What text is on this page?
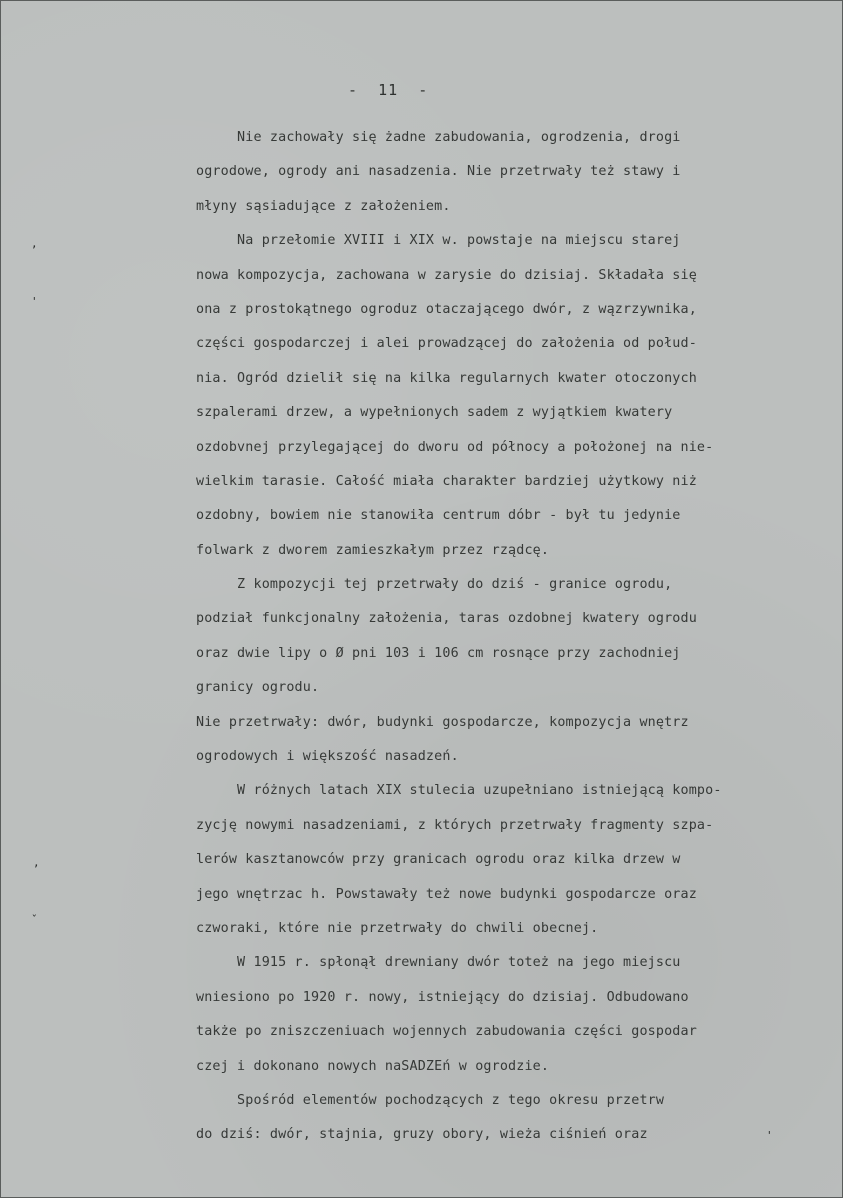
-  11  -
,
'
,
ˇ
'
Nie zachowały się żadne zabudowania, ogrodzenia, drogi
ogrodowe, ogrody ani nasadzenia. Nie przetrwały też stawy i
młyny sąsiadujące z założeniem.
Na przełomie XVIII i XIX w. powstaje na miejscu starej
nowa kompozycja, zachowana w zarysie do dzisiaj. Składała się
ona z prostokątnego ogroduz otaczającego dwór, z wązrzywnika,
części gospodarczej i alei prowadzącej do założenia od połud-
nia. Ogród dzielił się na kilka regularnych kwater otoczonych
szpalerami drzew, a wypełnionych sadem z wyjątkiem kwatery
ozdobvnej przylegającej do dworu od północy a położonej na nie-
wielkim tarasie. Całość miała charakter bardziej użytkowy niż
ozdobny, bowiem nie stanowiła centrum dóbr - był tu jedynie
folwark z dworem zamieszkałym przez rządcę.
Z kompozycji tej przetrwały do dziś - granice ogrodu,
podział funkcjonalny założenia, taras ozdobnej kwatery ogrodu
oraz dwie lipy o Ø pni 103 i 106 cm rosnące przy zachodniej
granicy ogrodu.
Nie przetrwały: dwór, budynki gospodarcze, kompozycja wnętrz
ogrodowych i większość nasadzeń.
W różnych latach XIX stulecia uzupełniano istniejącą kompo-
zycję nowymi nasadzeniami, z których przetrwały fragmenty szpa-
lerów kasztanowców przy granicach ogrodu oraz kilka drzew w
jego wnętrzac h. Powstawały też nowe budynki gospodarcze oraz
czworaki, które nie przetrwały do chwili obecnej.
W 1915 r. spłonął drewniany dwór toteż na jego miejscu
wniesiono po 1920 r. nowy, istniejący do dzisiaj. Odbudowano
także po zniszczeniuach wojennych zabudowania części gospodar
czej i dokonano nowych naSADZEń w ogrodzie.
Spośród elementów pochodzących z tego okresu przetrw
do dziś: dwór, stajnia, gruzy obory, wieża ciśnień oraz
